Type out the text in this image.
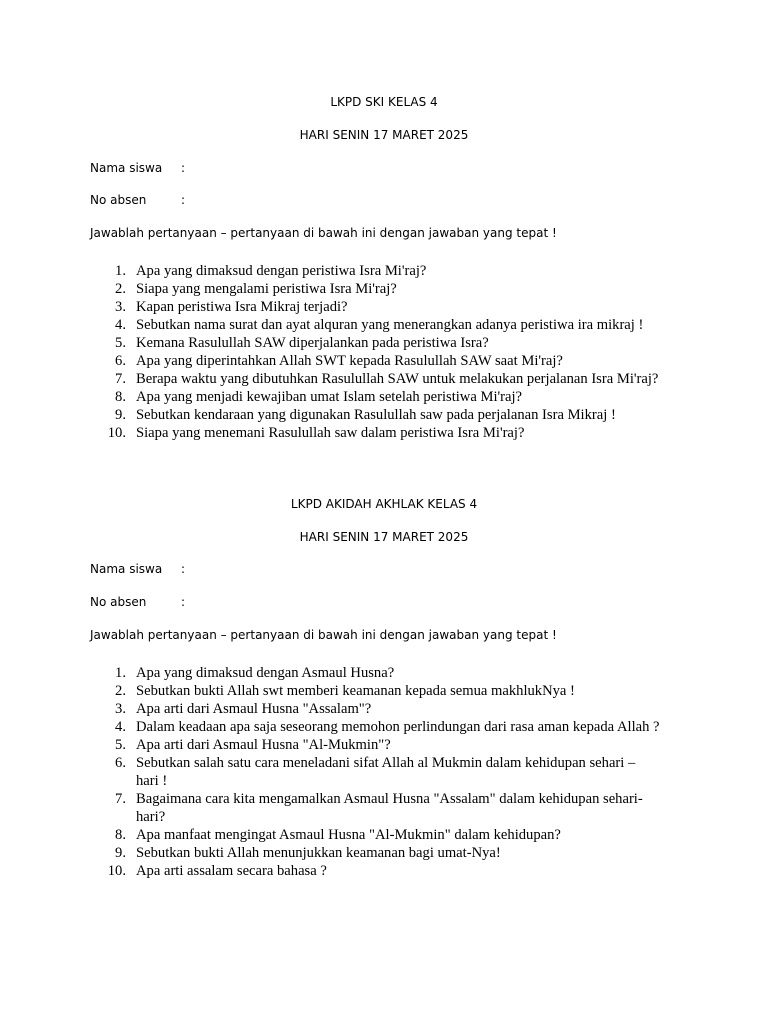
LKPD SKI KELAS 4
HARI SENIN 17 MARET 2025
Nama siswa :
No absen	:
Jawablah pertanyaan – pertanyaan di bawah ini dengan jawaban yang tepat !
1. Apa yang dimaksud dengan peristiwa Isra Mi'raj?
2. Siapa yang mengalami peristiwa Isra Mi'raj?
3. Kapan peristiwa Isra Mikraj terjadi?
4. Sebutkan nama surat dan ayat alquran yang menerangkan adanya peristiwa ira mikraj !
5. Kemana Rasulullah SAW diperjalankan pada peristiwa Isra?
6. Apa yang diperintahkan Allah SWT kepada Rasulullah SAW saat Mi'raj?
7. Berapa waktu yang dibutuhkan Rasulullah SAW untuk melakukan perjalanan Isra Mi'raj?
8. Apa yang menjadi kewajiban umat Islam setelah peristiwa Mi'raj?
9. Sebutkan kendaraan yang digunakan Rasulullah saw pada perjalanan Isra Mikraj !
10. Siapa yang menemani Rasulullah saw dalam peristiwa Isra Mi'raj?
LKPD AKIDAH AKHLAK KELAS 4
HARI SENIN 17 MARET 2025
Nama siswa :
No absen	:
Jawablah pertanyaan – pertanyaan di bawah ini dengan jawaban yang tepat !
1. Apa yang dimaksud dengan Asmaul Husna?
2. Sebutkan bukti Allah swt memberi keamanan kepada semua makhlukNya !
3. Apa arti dari Asmaul Husna "Assalam"?
4. Dalam keadaan apa saja seseorang memohon perlindungan dari rasa aman kepada Allah ?
5. Apa arti dari Asmaul Husna "Al-Mukmin"?
6. Sebutkan salah satu cara meneladani sifat Allah al Mukmin dalam kehidupan sehari –
hari !
7. Bagaimana cara kita mengamalkan Asmaul Husna "Assalam" dalam kehidupan sehari-
hari?
8. Apa manfaat mengingat Asmaul Husna "Al-Mukmin" dalam kehidupan?
9. Sebutkan bukti Allah menunjukkan keamanan bagi umat-Nya!
10. Apa arti assalam secara bahasa ?
